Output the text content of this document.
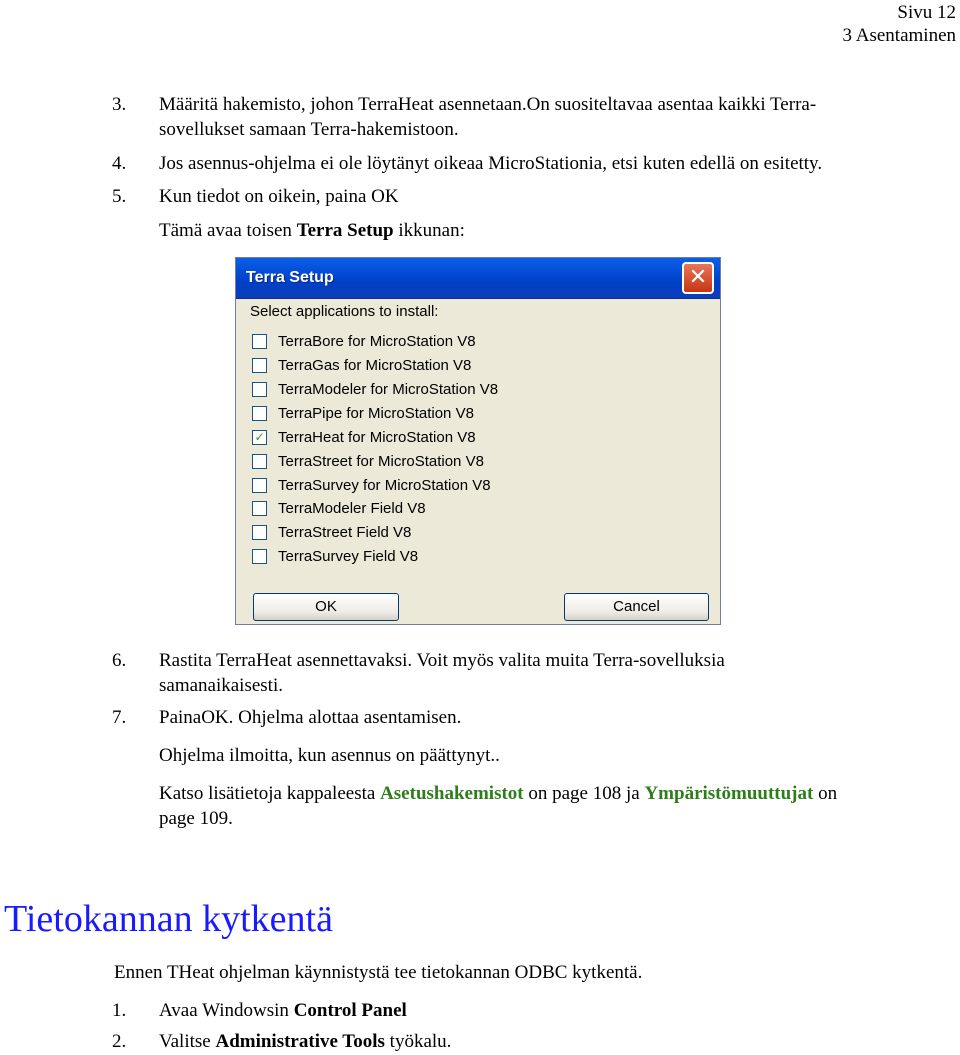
Sivu 12
3 Asentaminen
3. Määritä hakemisto, johon TerraHeat asennetaan.On suositeltavaa asentaa kaikki Terra-
sovellukset samaan Terra-hakemistoon.
4. Jos asennus-ohjelma ei ole löytänyt oikeaa MicroStationia, etsi kuten edellä on esitetty.
5. Kun tiedot on oikein, paina OK
Tämä avaa toisen Terra Setup ikkunan:
Terra Setup	✕
Select applications to install:
TerraBore for MicroStation V8
TerraGas for MicroStation V8
TerraModeler for MicroStation V8
TerraPipe for MicroStation V8
✓ TerraHeat for MicroStation V8
TerraStreet for MicroStation V8
TerraSurvey for MicroStation V8
TerraModeler Field V8
TerraStreet Field V8
TerraSurvey Field V8
OK	Cancel
6. Rastita TerraHeat asennettavaksi. Voit myös valita muita Terra-sovelluksia
samanaikaisesti.
7. PainaOK. Ohjelma alottaa asentamisen.
Ohjelma ilmoitta, kun asennus on päättynyt..
Katso lisätietoja kappaleesta Asetushakemistot on page 108 ja Ympäristömuuttujat on
page 109.
Tietokannan kytkentä
Ennen THeat ohjelman käynnistystä tee tietokannan ODBC kytkentä.
1. Avaa Windowsin Control Panel
2. Valitse Administrative Tools työkalu.
